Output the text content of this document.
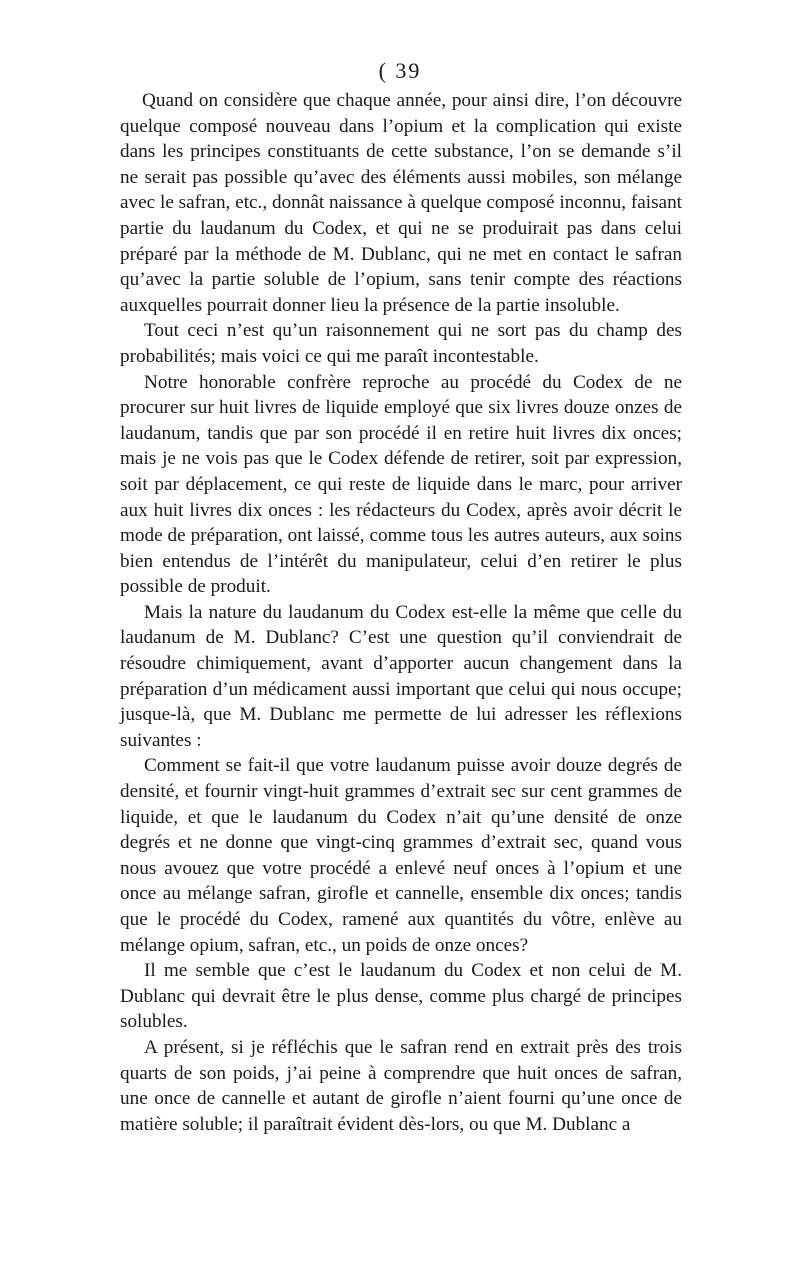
( 39

Quand on considère que chaque année, pour ainsi dire, l’on découvre quelque composé nouveau dans l’opium et la complication qui existe dans les principes constituants de cette substance, l’on se demande s’il ne serait pas possible qu’avec des éléments aussi mobiles, son mélange avec le safran, etc., donnât naissance à quelque composé inconnu, faisant partie du laudanum du Codex, et qui ne se produirait pas dans celui préparé par la méthode de M. Dublanc, qui ne met en contact le safran qu’avec la partie soluble de l’opium, sans tenir compte des réactions auxquelles pourrait donner lieu la présence de la partie insoluble.

Tout ceci n’est qu’un raisonnement qui ne sort pas du champ des probabilités; mais voici ce qui me paraît incontestable.

Notre honorable confrère reproche au procédé du Codex de ne procurer sur huit livres de liquide employé que six livres douze onzes de laudanum, tandis que par son procédé il en retire huit livres dix onces; mais je ne vois pas que le Codex défende de retirer, soit par expression, soit par déplacement, ce qui reste de liquide dans le marc, pour arriver aux huit livres dix onces : les rédacteurs du Codex, après avoir décrit le mode de préparation, ont laissé, comme tous les autres auteurs, aux soins bien entendus de l’intérêt du manipulateur, celui d’en retirer le plus possible de produit.

Mais la nature du laudanum du Codex est-elle la même que celle du laudanum de M. Dublanc? C’est une question qu’il conviendrait de résoudre chimiquement, avant d’apporter aucun changement dans la préparation d’un médicament aussi important que celui qui nous occupe; jusque-là, que M. Dublanc me permette de lui adresser les réflexions suivantes :

Comment se fait-il que votre laudanum puisse avoir douze degrés de densité, et fournir vingt-huit grammes d’extrait sec sur cent grammes de liquide, et que le laudanum du Codex n’ait qu’une densité de onze degrés et ne donne que vingt-cinq grammes d’extrait sec, quand vous nous avouez que votre procédé a enlevé neuf onces à l’opium et une once au mélange safran, girofle et cannelle, ensemble dix onces; tandis que le procédé du Codex, ramené aux quantités du vôtre, enlève au mélange opium, safran, etc., un poids de onze onces?

Il me semble que c’est le laudanum du Codex et non celui de M. Dublanc qui devrait être le plus dense, comme plus chargé de principes solubles.

A présent, si je réfléchis que le safran rend en extrait près des trois quarts de son poids, j’ai peine à comprendre que huit onces de safran, une once de cannelle et autant de girofle n’aient fourni qu’une once de matière soluble; il paraîtrait évident dès-lors, ou que M. Dublanc a
